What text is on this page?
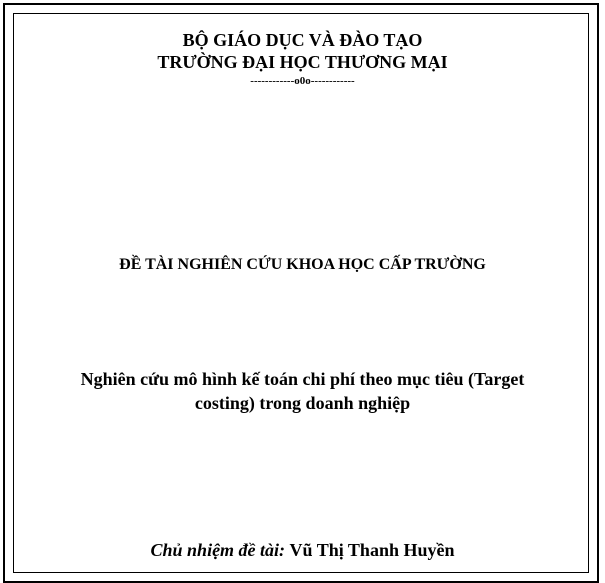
BỘ GIÁO DỤC VÀ ĐÀO TẠO
TRƯỜNG ĐẠI HỌC THƯƠNG MẠI
------------o0o------------
ĐỀ TÀI NGHIÊN CỨU KHOA HỌC CẤP TRƯỜNG
Nghiên cứu mô hình kế toán chi phí theo mục tiêu (Target
costing) trong doanh nghiệp
Chủ nhiệm đề tài: Vũ Thị Thanh Huyền
